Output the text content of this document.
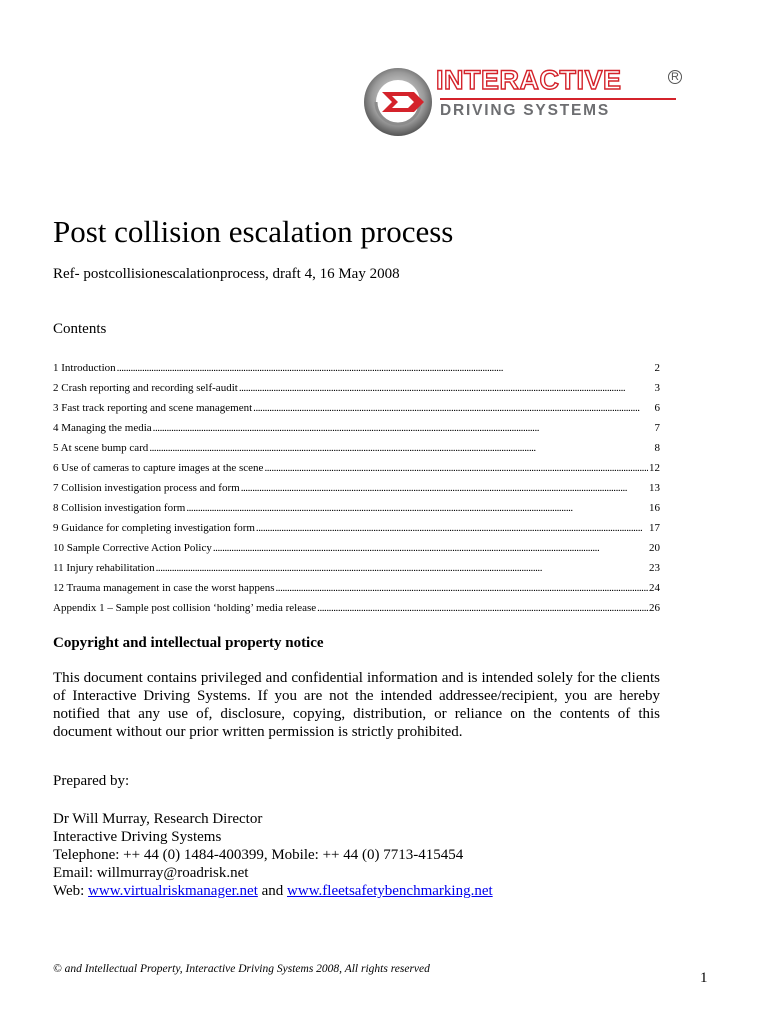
INTERACTIVE
DRIVING SYSTEMS
R
Post collision escalation process
Ref- postcollisionescalationprocess, draft 4, 16 May 2008
Contents
1 Introduction . . .	2
2 Crash reporting and recording self-audit . . .	3
3 Fast track reporting and scene management . . .	6
4 Managing the media . . .	7
5 At scene bump card . . .	8
6 Use of cameras to capture images at the scene . . .	12
7 Collision investigation process and form . . .	13
8 Collision investigation form . . .	16
9 Guidance for completing investigation form . . .	17
10 Sample Corrective Action Policy . . .	20
11 Injury rehabilitation . . .	23
12 Trauma management in case the worst happens . . .	24
Appendix 1 – Sample post collision ‘holding’ media release . . .	26
Copyright and intellectual property notice

This document contains privileged and confidential information and is intended solely for the clients of Interactive Driving Systems. If you are not the intended addressee/recipient, you are hereby notified that any use of, disclosure, copying, distribution, or reliance on the contents of this document without our prior written permission is strictly prohibited.

Prepared by:
Dr Will Murray, Research Director
Interactive Driving Systems
Telephone: ++ 44 (0) 1484-400399, Mobile: ++ 44 (0) 7713-415454
Email: willmurray@roadrisk.net
Web: www.virtualriskmanager.net and www.fleetsafetybenchmarking.net
© and Intellectual Property, Interactive Driving Systems 2008, All rights reserved
1
